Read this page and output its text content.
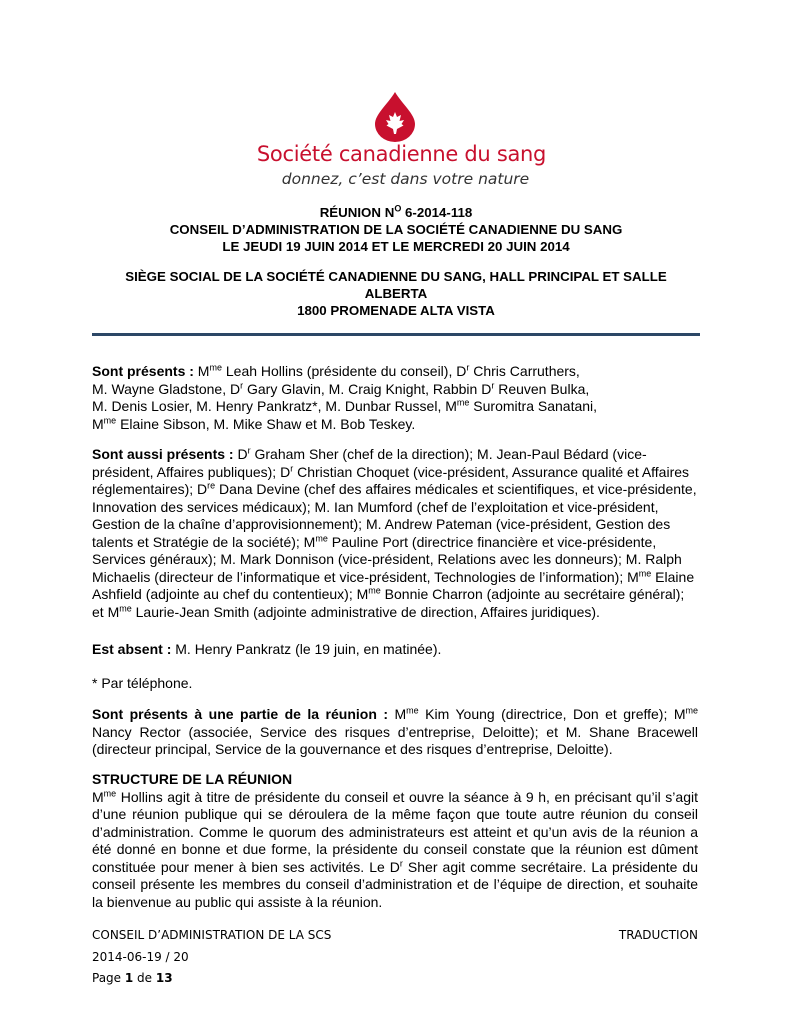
Société canadienne du sang
donnez, c’est dans votre nature
RÉUNION $N^O$ 6-2014-118
CONSEIL D’ADMINISTRATION DE LA SOCIÉTÉ CANADIENNE DU SANG
LE JEUDI 19 JUIN 2014 ET LE MERCREDI 20 JUIN 2014
SIÈGE SOCIAL DE LA SOCIÉTÉ CANADIENNE DU SANG, HALL PRINCIPAL ET SALLE
ALBERTA
1800 PROMENADE ALTA VISTA

Sont présents : $M^{me}$ Leah Hollins (présidente du conseil), $D^r$ Chris Carruthers,
M. Wayne Gladstone, $D^r$ Gary Glavin, M. Craig Knight, Rabbin $D^r$ Reuven Bulka,
M. Denis Losier, M. Henry Pankratz*, M. Dunbar Russel, $M^{me}$ Suromitra Sanatani,
$M^{me}$ Elaine Sibson, M. Mike Shaw et M. Bob Teskey.

Sont aussi présents : $D^r$ Graham Sher (chef de la direction); M. Jean-Paul Bédard (vice-président, Affaires publiques); $D^r$ Christian Choquet (vice-président, Assurance qualité et Affaires réglementaires); Dre Dana Devine (chef des affaires médicales et scientifiques, et vice-présidente, Innovation des services médicaux); M. Ian Mumford (chef de l’exploitation et vice-président, Gestion de la chaîne d’approvisionnement); M. Andrew Pateman (vice-président, Gestion des talents et Stratégie de la société); $M^{me}$ Pauline Port (directrice financière et vice-présidente, Services généraux); M. Mark Donnison (vice-président, Relations avec les donneurs); M. Ralph Michaelis (directeur de l’informatique et vice-président, Technologies de l’information); $M^{me}$ Elaine Ashfield (adjointe au chef du contentieux); $M^{me}$ Bonnie Charron (adjointe au secrétaire général); et $M^{me}$ Laurie-Jean Smith (adjointe administrative de direction, Affaires juridiques).

Est absent : M. Henry Pankratz (le 19 juin, en matinée).

* Par téléphone.

Sont présents à une partie de la réunion : $M^{me}$ Kim Young (directrice, Don et greffe); $M^{me}$ Nancy Rector (associée, Service des risques d’entreprise, Deloitte); et M. Shane Bracewell (directeur principal, Service de la gouvernance et des risques d’entreprise, Deloitte).

STRUCTURE DE LA RÉUNION

$M^{me}$ Hollins agit à titre de présidente du conseil et ouvre la séance à 9 h, en précisant qu’il s’agit d’une réunion publique qui se déroulera de la même façon que toute autre réunion du conseil d’administration. Comme le quorum des administrateurs est atteint et qu’un avis de la réunion a été donné en bonne et due forme, la présidente du conseil constate que la réunion est dûment constituée pour mener à bien ses activités. Le $D^r$ Sher agit comme secrétaire. La présidente du conseil présente les membres du conseil d’administration et de l’équipe de direction, et souhaite la bienvenue au public qui assiste à la réunion.

CONSEIL D’ADMINISTRATION DE LA SCS	TRADUCTION
2014-06-19 / 20
Page 1 de 13
